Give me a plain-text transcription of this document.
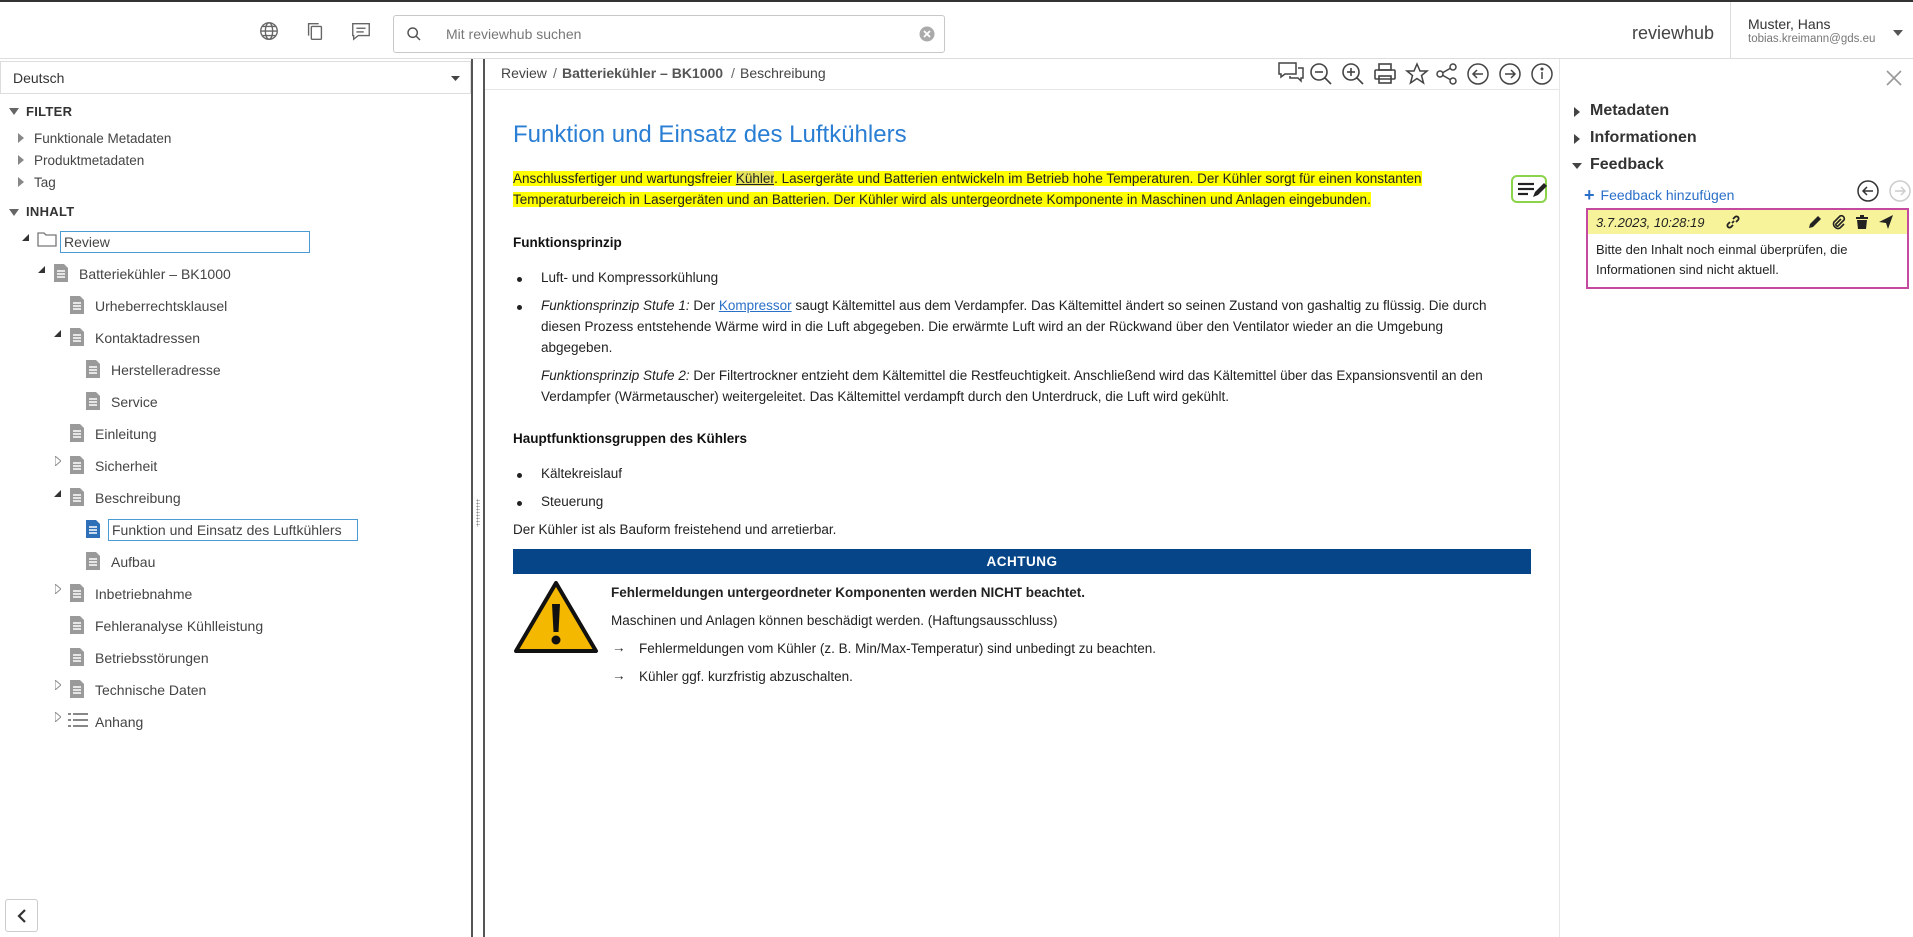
Mit reviewhub suchen
reviewhub Muster, Hans
tobias.kreimann@gds.eu
Deutsch
FILTER
Funktionale Metadaten
Produktmetadaten
Tag
INHALT
Review
Batteriekühler – BK1000
Urheberrechtsklausel
Kontaktadressen
Herstelleradresse
Service
Einleitung
Sicherheit
Beschreibung
Funktion und Einsatz des Luftkühlers
Aufbau
Inbetriebnahme
Fehleranalyse Kühlleistung
Betriebsstörungen
Technische Daten
Anhang
Review / Batteriekühler – BK1000 / Beschreibung
Funktion und Einsatz des Luftkühlers
Anschlussfertiger und wartungsfreier Kühler. Lasergeräte und Batterien entwickeln im Betrieb hohe Temperaturen. Der Kühler sorgt für einen konstanten
Temperaturbereich in Lasergeräten und an Batterien. Der Kühler wird als untergeordnete Komponente in Maschinen und Anlagen eingebunden.
Funktionsprinzip
Luft- und Kompressorkühlung
Funktionsprinzip Stufe 1: Der Kompressor saugt Kältemittel aus dem Verdampfer. Das Kältemittel ändert so seinen Zustand von gashaltig zu flüssig. Die durch
diesen Prozess entstehende Wärme wird in die Luft abgegeben. Die erwärmte Luft wird an der Rückwand über den Ventilator wieder an die Umgebung
abgegeben.
Funktionsprinzip Stufe 2: Der Filtertrockner entzieht dem Kältemittel die Restfeuchtigkeit. Anschließend wird das Kältemittel über das Expansionsventil an den
Verdampfer (Wärmetauscher) weitergeleitet. Das Kältemittel verdampft durch den Unterdruck, die Luft wird gekühlt.
Hauptfunktionsgruppen des Kühlers
Kältekreislauf
Steuerung
Der Kühler ist als Bauform freistehend und arretierbar.
ACHTUNG
Fehlermeldungen untergeordneter Komponenten werden NICHT beachtet.
Maschinen und Anlagen können beschädigt werden. (Haftungsausschluss)
→ Fehlermeldungen vom Kühler (z. B. Min/Max-Temperatur) sind unbedingt zu beachten.
→ Kühler ggf. kurzfristig abzuschalten.
Metadaten
Informationen
Feedback
+ Feedback hinzufügen
3.7.2023, 10:28:19
Bitte den Inhalt noch einmal überprüfen, die Informationen sind nicht aktuell.
